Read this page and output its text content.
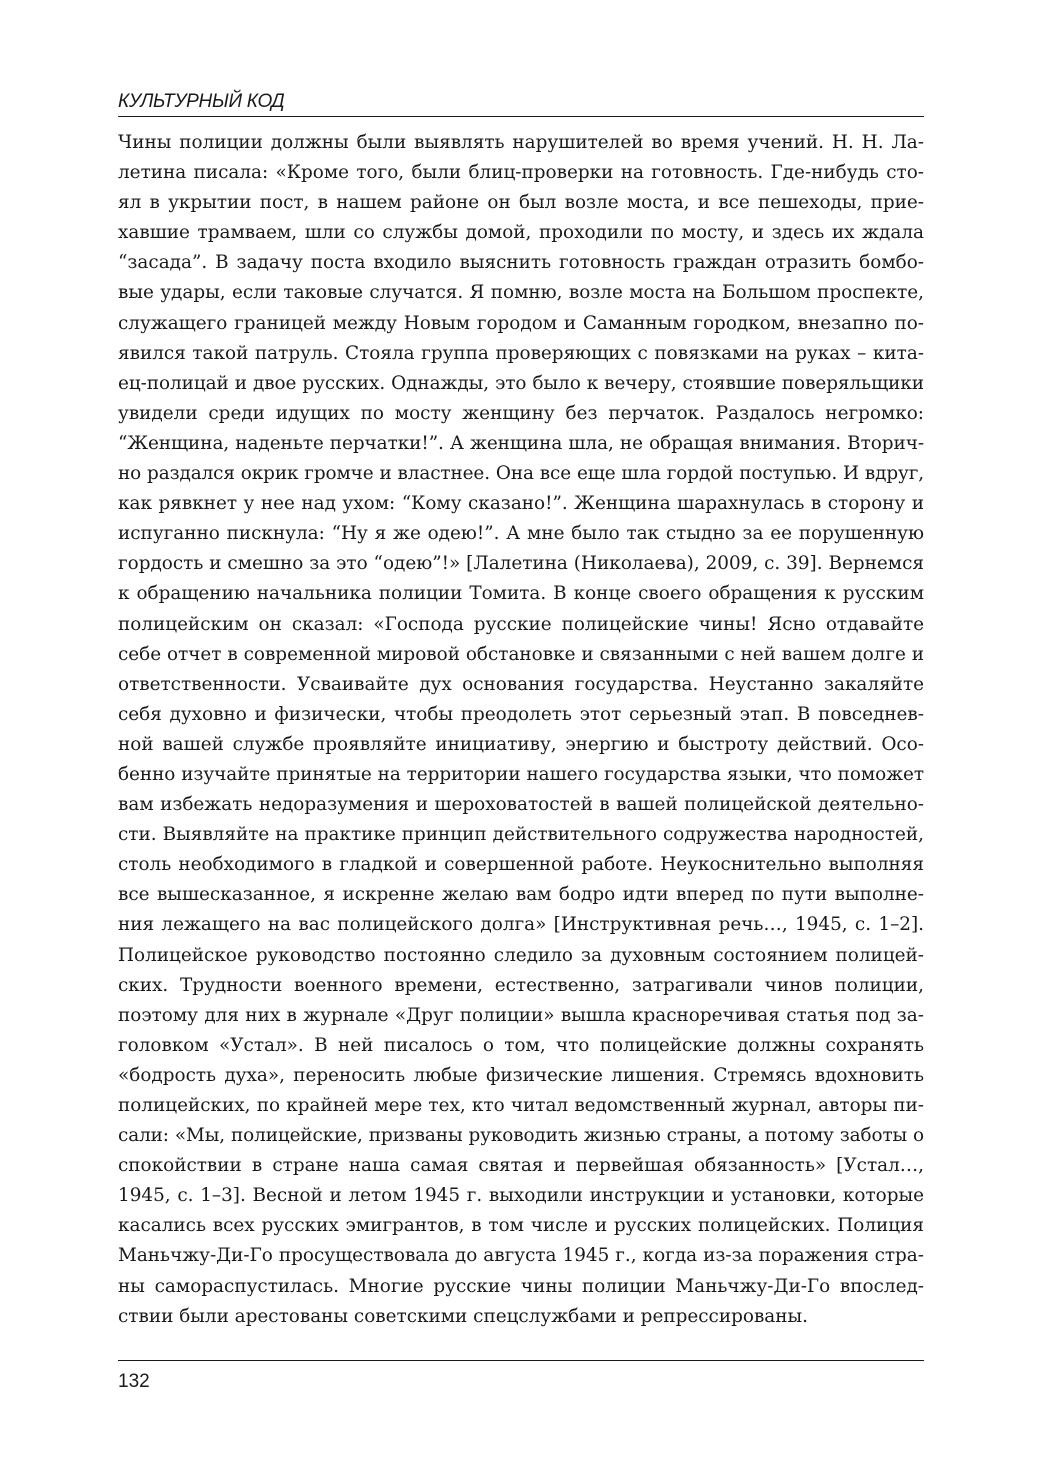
КУЛЬТУРНЫЙ КОД
Чины полиции должны были выявлять нарушителей во время учений. Н. Н. Ла-
летина писала: «Кроме того, были блиц-проверки на готовность. Где-нибудь сто-
ял в укрытии пост, в нашем районе он был возле моста, и все пешеходы, прие-
хавшие трамваем, шли со службы домой, проходили по мосту, и здесь их ждала
“засада”. В задачу поста входило выяснить готовность граждан отразить бомбо-
вые удары, если таковые случатся. Я помню, возле моста на Большом проспекте,
служащего границей между Новым городом и Саманным городком, внезапно по-
явился такой патруль. Стояла группа проверяющих с повязками на руках – кита-
ец-полицай и двое русских. Однажды, это было к вечеру, стоявшие поверяльщики
увидели среди идущих по мосту женщину без перчаток. Раздалось негромко:
“Женщина, наденьте перчатки!”. А женщина шла, не обращая внимания. Вторич-
но раздался окрик громче и властнее. Она все еще шла гордой поступью. И вдруг,
как рявкнет у нее над ухом: “Кому сказано!”. Женщина шарахнулась в сторону и
испуганно пискнула: “Ну я же одею!”. А мне было так стыдно за ее порушенную
гордость и смешно за это “одею”!» [Лалетина (Николаева), 2009, с. 39]. Вернемся
к обращению начальника полиции Томита. В конце своего обращения к русским
полицейским он сказал: «Господа русские полицейские чины! Ясно отдавайте
себе отчет в современной мировой обстановке и связанными с ней вашем долге и
ответственности. Усваивайте дух основания государства. Неустанно закаляйте
себя духовно и физически, чтобы преодолеть этот серьезный этап. В повседнев-
ной вашей службе проявляйте инициативу, энергию и быстроту действий. Осо-
бенно изучайте принятые на территории нашего государства языки, что поможет
вам избежать недоразумения и шероховатостей в вашей полицейской деятельно-
сти. Выявляйте на практике принцип действительного содружества народностей,
столь необходимого в гладкой и совершенной работе. Неукоснительно выполняя
все вышесказанное, я искренне желаю вам бодро идти вперед по пути выполне-
ния лежащего на вас полицейского долга» [Инструктивная речь…, 1945, с. 1–2].
Полицейское руководство постоянно следило за духовным состоянием полицей-
ских. Трудности военного времени, естественно, затрагивали чинов полиции,
поэтому для них в журнале «Друг полиции» вышла красноречивая статья под за-
головком «Устал». В ней писалось о том, что полицейские должны сохранять
«бодрость духа», переносить любые физические лишения. Стремясь вдохновить
полицейских, по крайней мере тех, кто читал ведомственный журнал, авторы пи-
сали: «Мы, полицейские, призваны руководить жизнью страны, а потому заботы о
спокойствии в стране наша самая святая и первейшая обязанность» [Устал…,
1945, с. 1–3]. Весной и летом 1945 г. выходили инструкции и установки, которые
касались всех русских эмигрантов, в том числе и русских полицейских. Полиция
Маньчжу-Ди-Го просуществовала до августа 1945 г., когда из-за поражения стра-
ны самораспустилась. Многие русские чины полиции Маньчжу-Ди-Го впослед-
ствии были арестованы советскими спецслужбами и репрессированы.
132
